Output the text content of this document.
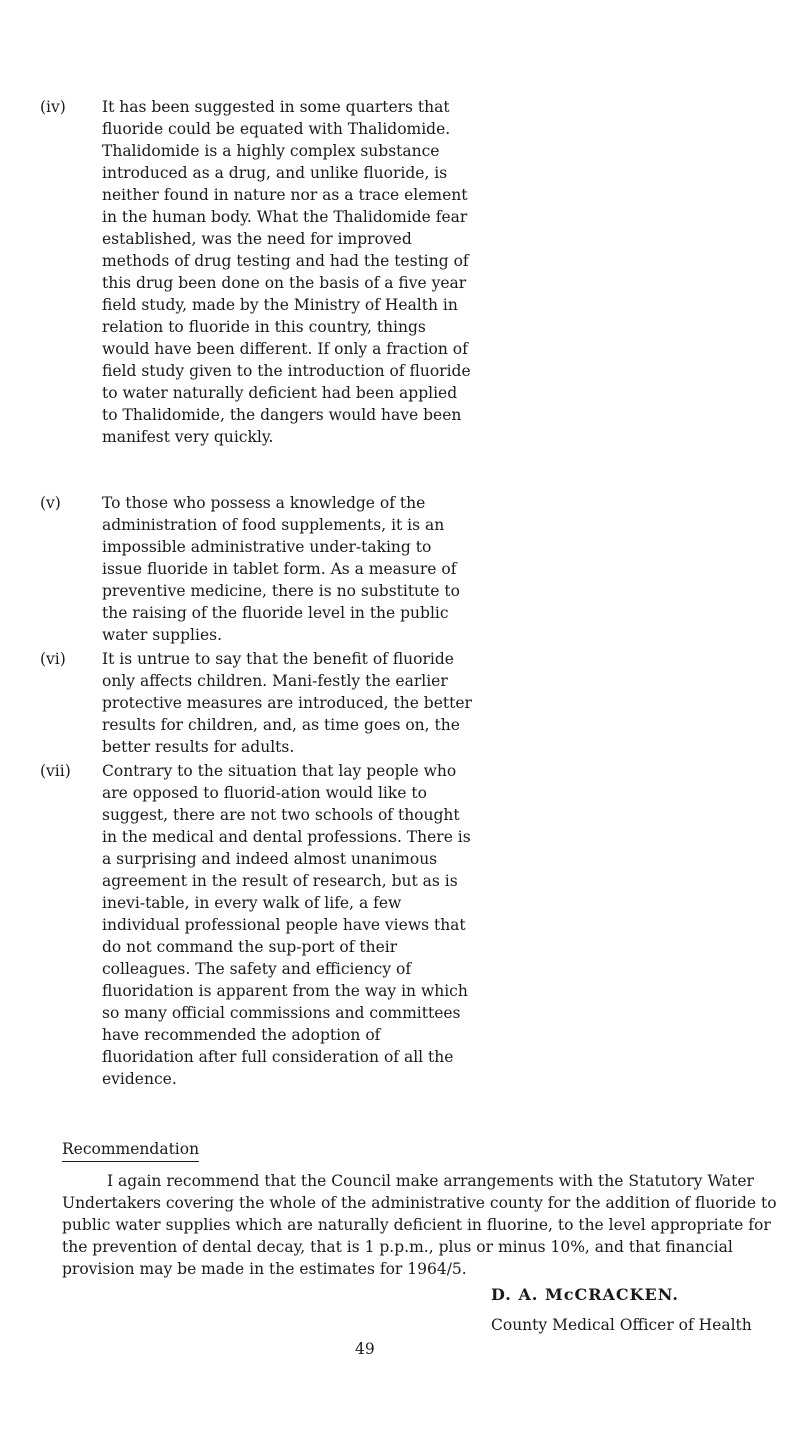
(iv)	It has been suggested in some quarters that fluoride could be equated with Thalidomide. Thalidomide is a highly complex substance introduced as a drug, and unlike fluoride, is neither found in nature nor as a trace element in the human body. What the Thalidomide fear established, was the need for improved methods of drug testing and had the testing of this drug been done on the basis of a five year field study, made by the Ministry of Health in relation to fluoride in this country, things would have been different. If only a fraction of field study given to the introduction of fluoride to water naturally deficient had been applied to Thalidomide, the dangers would have been manifest very quickly.
(v)	To those who possess a knowledge of the administration of food supplements, it is an impossible administrative under-taking to issue fluoride in tablet form. As a measure of preventive medicine, there is no substitute to the raising of the fluoride level in the public water supplies.
(vi)	It is untrue to say that the benefit of fluoride only affects children. Mani-festly the earlier protective measures are introduced, the better results for children, and, as time goes on, the better results for adults.
(vii)	Contrary to the situation that lay people who are opposed to fluorid-ation would like to suggest, there are not two schools of thought in the medical and dental professions. There is a surprising and indeed almost unanimous agreement in the result of research, but as is inevi-table, in every walk of life, a few individual professional people have views that do not command the sup-port of their colleagues. The safety and efficiency of fluoridation is apparent from the way in which so many official commissions and committees have recommended the adoption of fluoridation after full consideration of all the evidence.
Recommendation
I again recommend that the Council make arrangements with the Statutory Water Undertakers covering the whole of the administrative county for the addition of fluoride to public water supplies which are naturally deficient in fluorine, to the level appropriate for the prevention of dental decay, that is 1 p.p.m., plus or minus 10%, and that financial provision may be made in the estimates for 1964/5.
D. A. McCRACKEN.
County Medical Officer of Health
49
